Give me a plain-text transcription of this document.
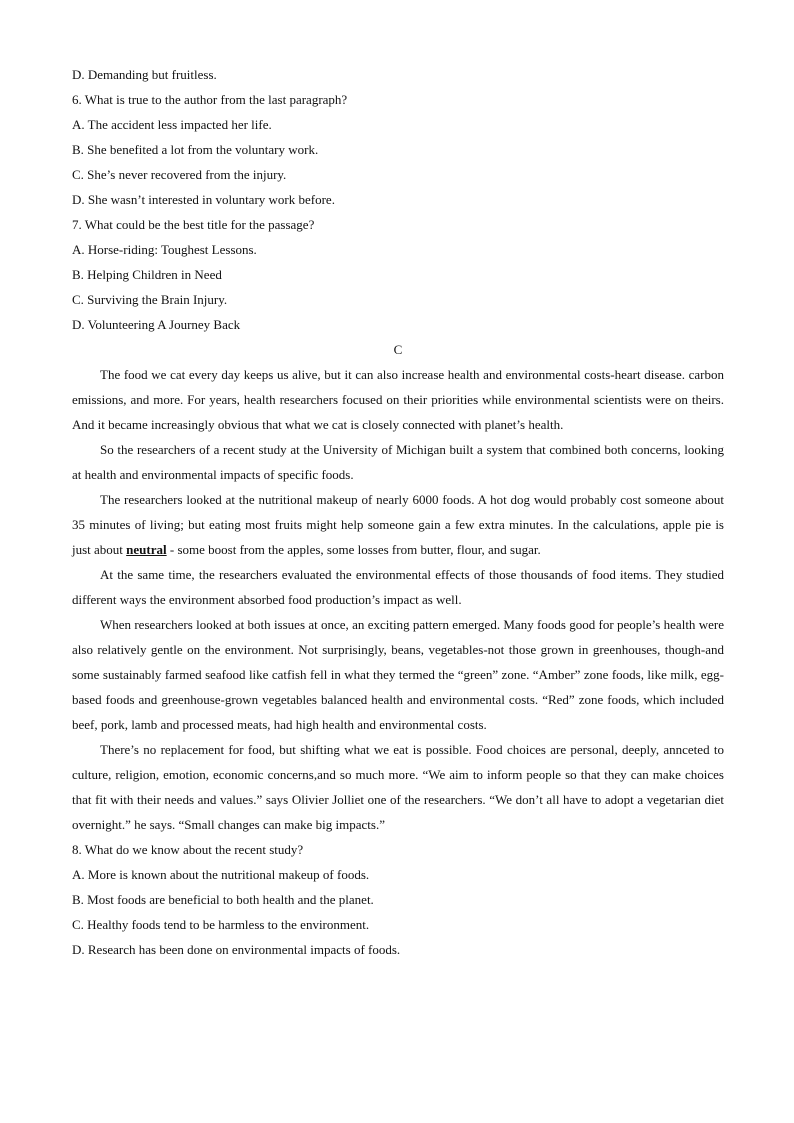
D. Demanding but fruitless.
6. What is true to the author from the last paragraph?
A. The accident less impacted her life.
B. She benefited a lot from the voluntary work.
C. She’s never recovered from the injury.
D. She wasn’t interested in voluntary work before.
7. What could be the best title for the passage?
A. Horse-riding: Toughest Lessons.
B. Helping Children in Need
C. Surviving the Brain Injury.
D. Volunteering A Journey Back
C
The food we cat every day keeps us alive, but it can also increase health and environmental costs-heart disease. carbon emissions, and more. For years, health researchers focused on their priorities while environmental scientists were on theirs. And it became increasingly obvious that what we cat is closely connected with planet’s health.
So the researchers of a recent study at the University of Michigan built a system that combined both concerns, looking at health and environmental impacts of specific foods.
The researchers looked at the nutritional makeup of nearly 6000 foods. A hot dog would probably cost someone about 35 minutes of living; but eating most fruits might help someone gain a few extra minutes. In the calculations, apple pie is just about neutral - some boost from the apples, some losses from butter, flour, and sugar.
At the same time, the researchers evaluated the environmental effects of those thousands of food items. They studied different ways the environment absorbed food production’s impact as well.
When researchers looked at both issues at once, an exciting pattern emerged. Many foods good for people’s health were also relatively gentle on the environment. Not surprisingly, beans, vegetables-not those grown in greenhouses, though-and some sustainably farmed seafood like catfish fell in what they termed the “green” zone. “Amber” zone foods, like milk, egg-based foods and greenhouse-grown vegetables balanced health and environmental costs. “Red” zone foods, which included beef, pork, lamb and processed meats, had high health and environmental costs.
There’s no replacement for food, but shifting what we eat is possible. Food choices are personal, deeply, annceted to culture, religion, emotion, economic concerns,and so much more. “We aim to inform people so that they can make choices that fit with their needs and values.” says Olivier Jolliet one of the researchers. “We don’t all have to adopt a vegetarian diet overnight.” he says. “Small changes can make big impacts.”
8. What do we know about the recent study?
A. More is known about the nutritional makeup of foods.
B. Most foods are beneficial to both health and the planet.
C. Healthy foods tend to be harmless to the environment.
D. Research has been done on environmental impacts of foods.
